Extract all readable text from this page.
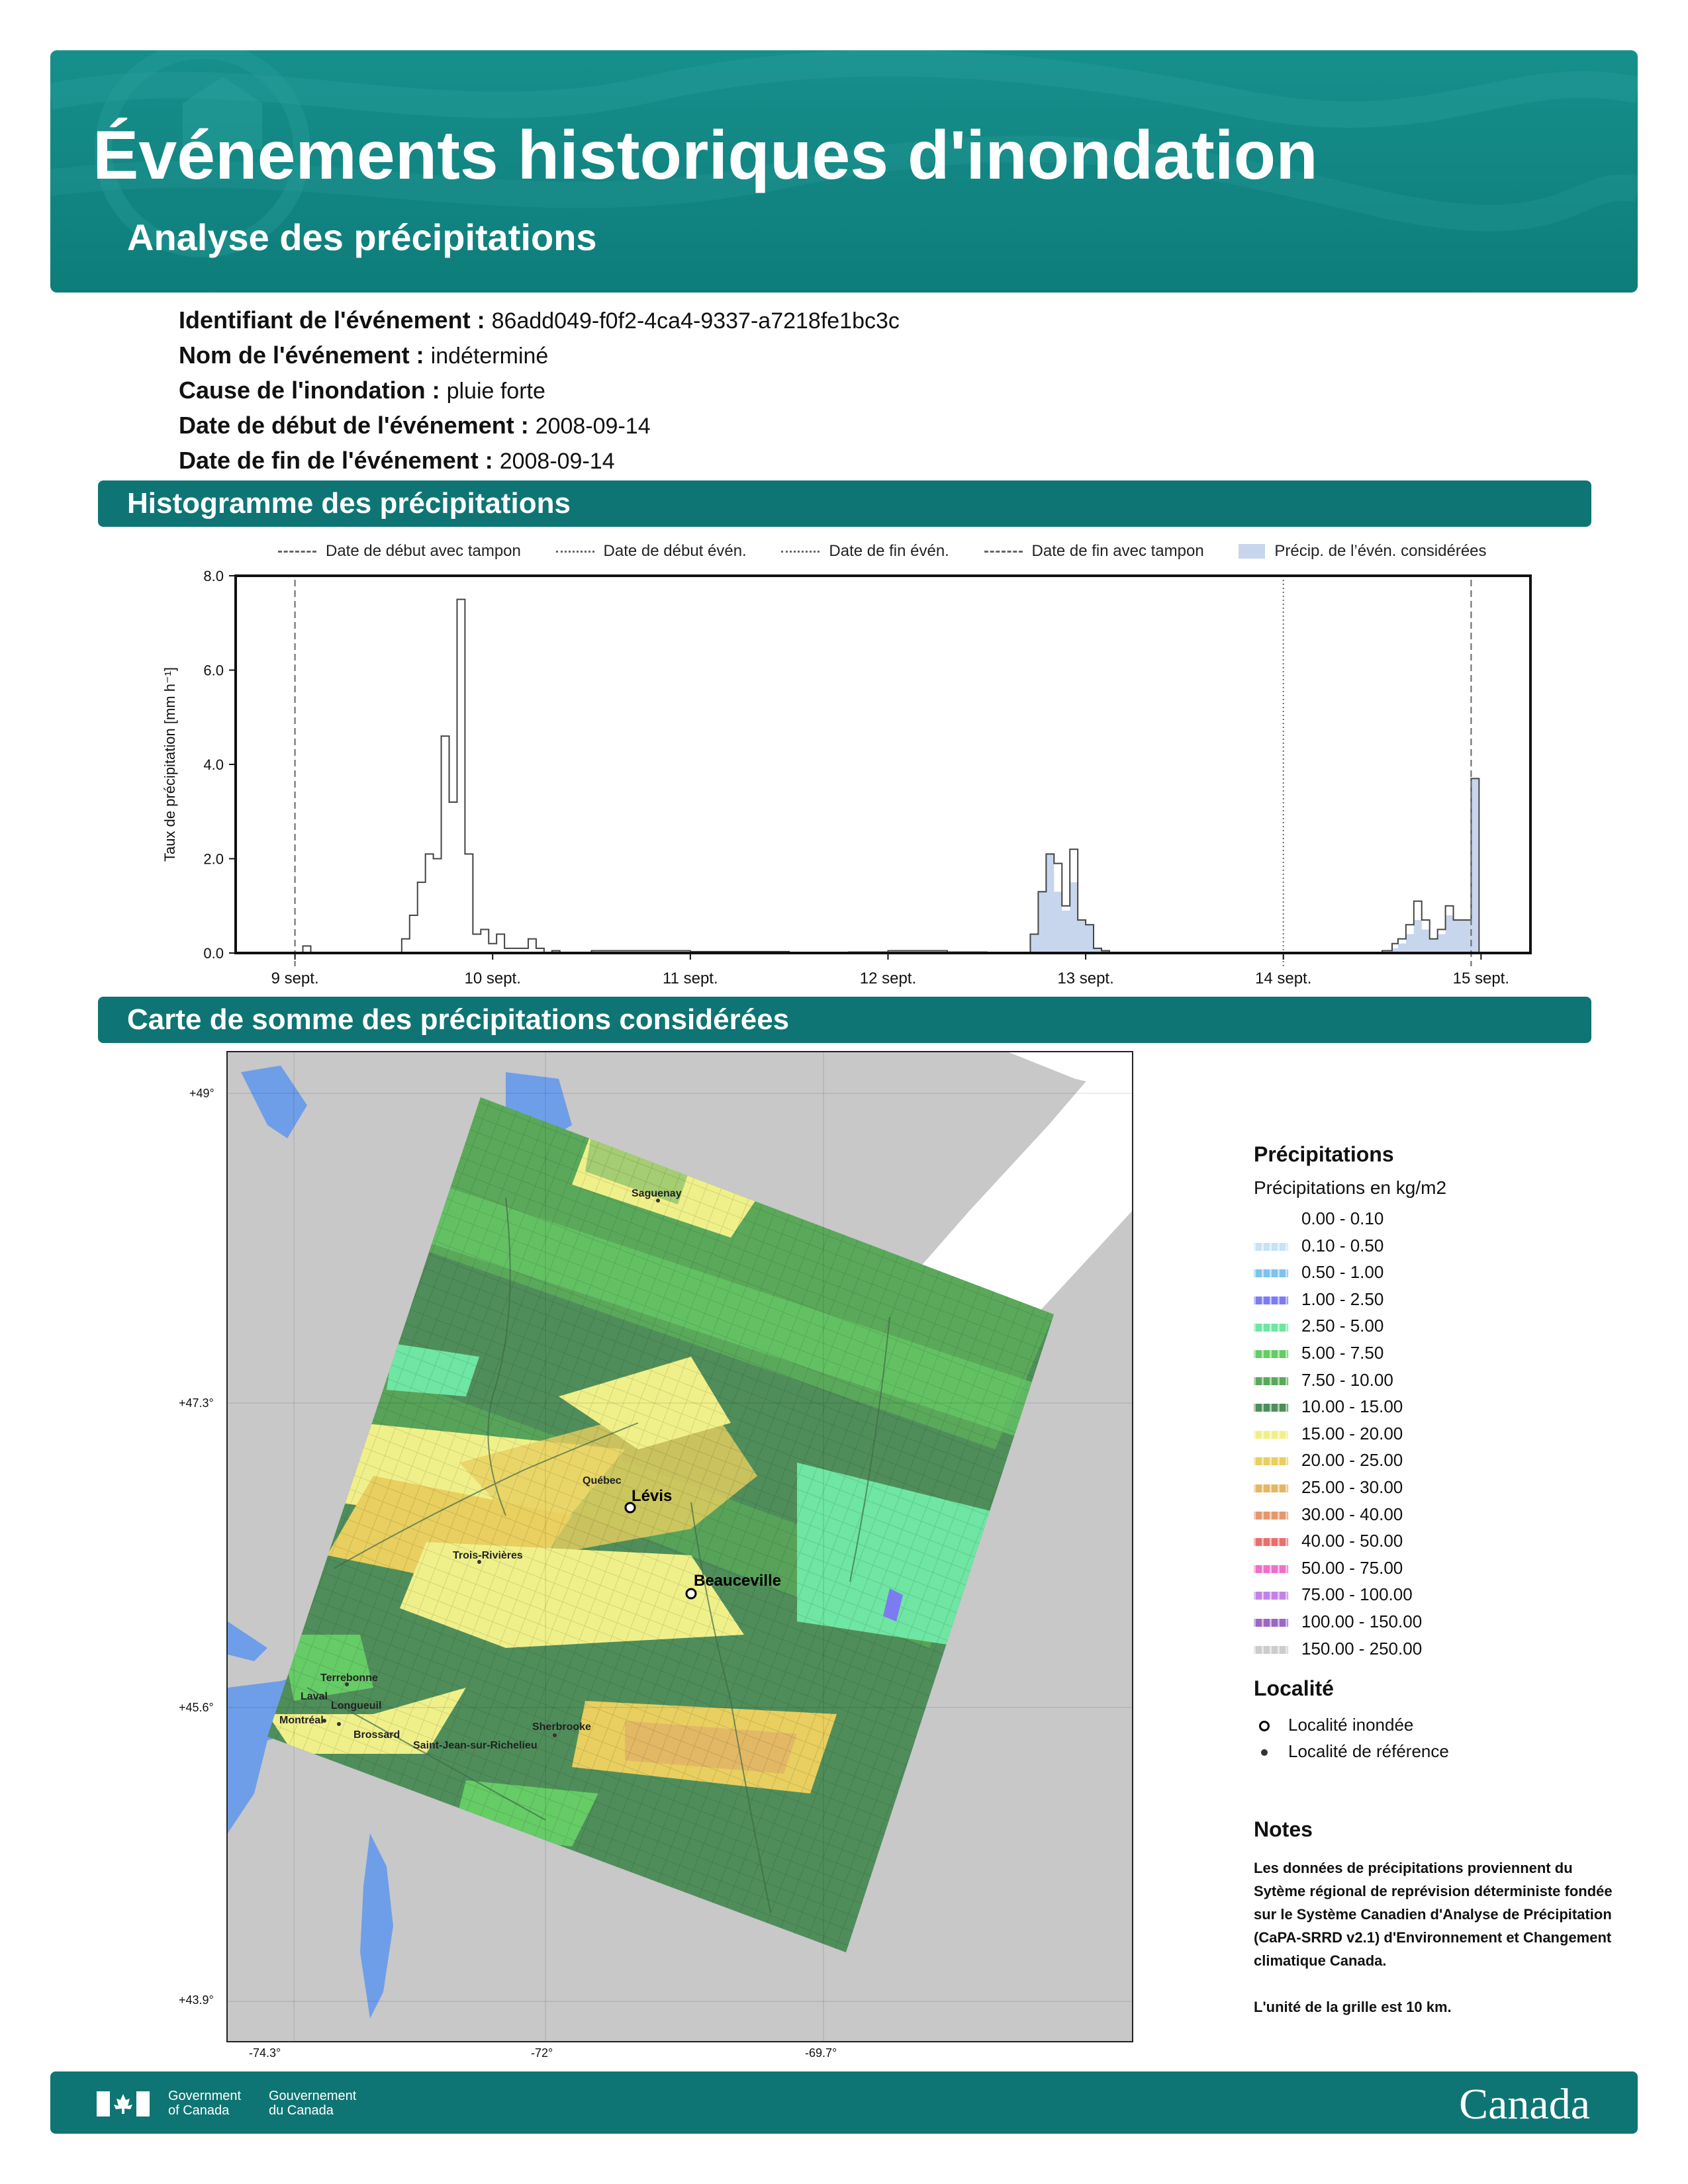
Événements historiques d'inondation
Analyse des précipitations
Identifiant de l'événement : 86add049-f0f2-4ca4-9337-a7218fe1bc3c
Nom de l'événement : indéterminé
Cause de l'inondation : pluie forte
Date de début de l'événement : 2008-09-14
Date de fin de l'événement : 2008-09-14
Histogramme des précipitations
Date de début avec tampon	Date de début évén.	Date de fin évén.	Date de fin avec tampon	Précip. de l’évén. considérées
0.0
2.0
4.0
6.0
8.0
9 sept.	10 sept.	11 sept.	12 sept.	13 sept.	14 sept.	15 sept.
Taux de précipitation [mm h⁻¹]
Carte de somme des précipitations considérées
Saguenay
Québec
Lévis
Beauceville
Trois-Rivières
Terrebonne
Laval
Longueuil
Montréal
Brossard
Sherbrooke
Saint-Jean-sur-Richelieu
+49°
+47.3°
+45.6°
+43.9°
-74.3°	-72°	-69.7°
Précipitations
Précipitations en kg/m2
0.00 - 0.10
0.10 - 0.50
0.50 - 1.00
1.00 - 2.50
2.50 - 5.00
5.00 - 7.50
7.50 - 10.00
10.00 - 15.00
15.00 - 20.00
20.00 - 25.00
25.00 - 30.00
30.00 - 40.00
40.00 - 50.00
50.00 - 75.00
75.00 - 100.00
100.00 - 150.00
150.00 - 250.00
Localité
Localité inondée
Localité de référence
Notes

Les données de précipitations proviennent du Sytème régional de reprévision déterministe fondée sur le Système Canadien d'Analyse de Précipitation (CaPA-SRRD v2.1) d'Environnement et Changement climatique Canada.

L'unité de la grille est 10 km.

Government of Canada
Gouvernement du Canada	Canada
